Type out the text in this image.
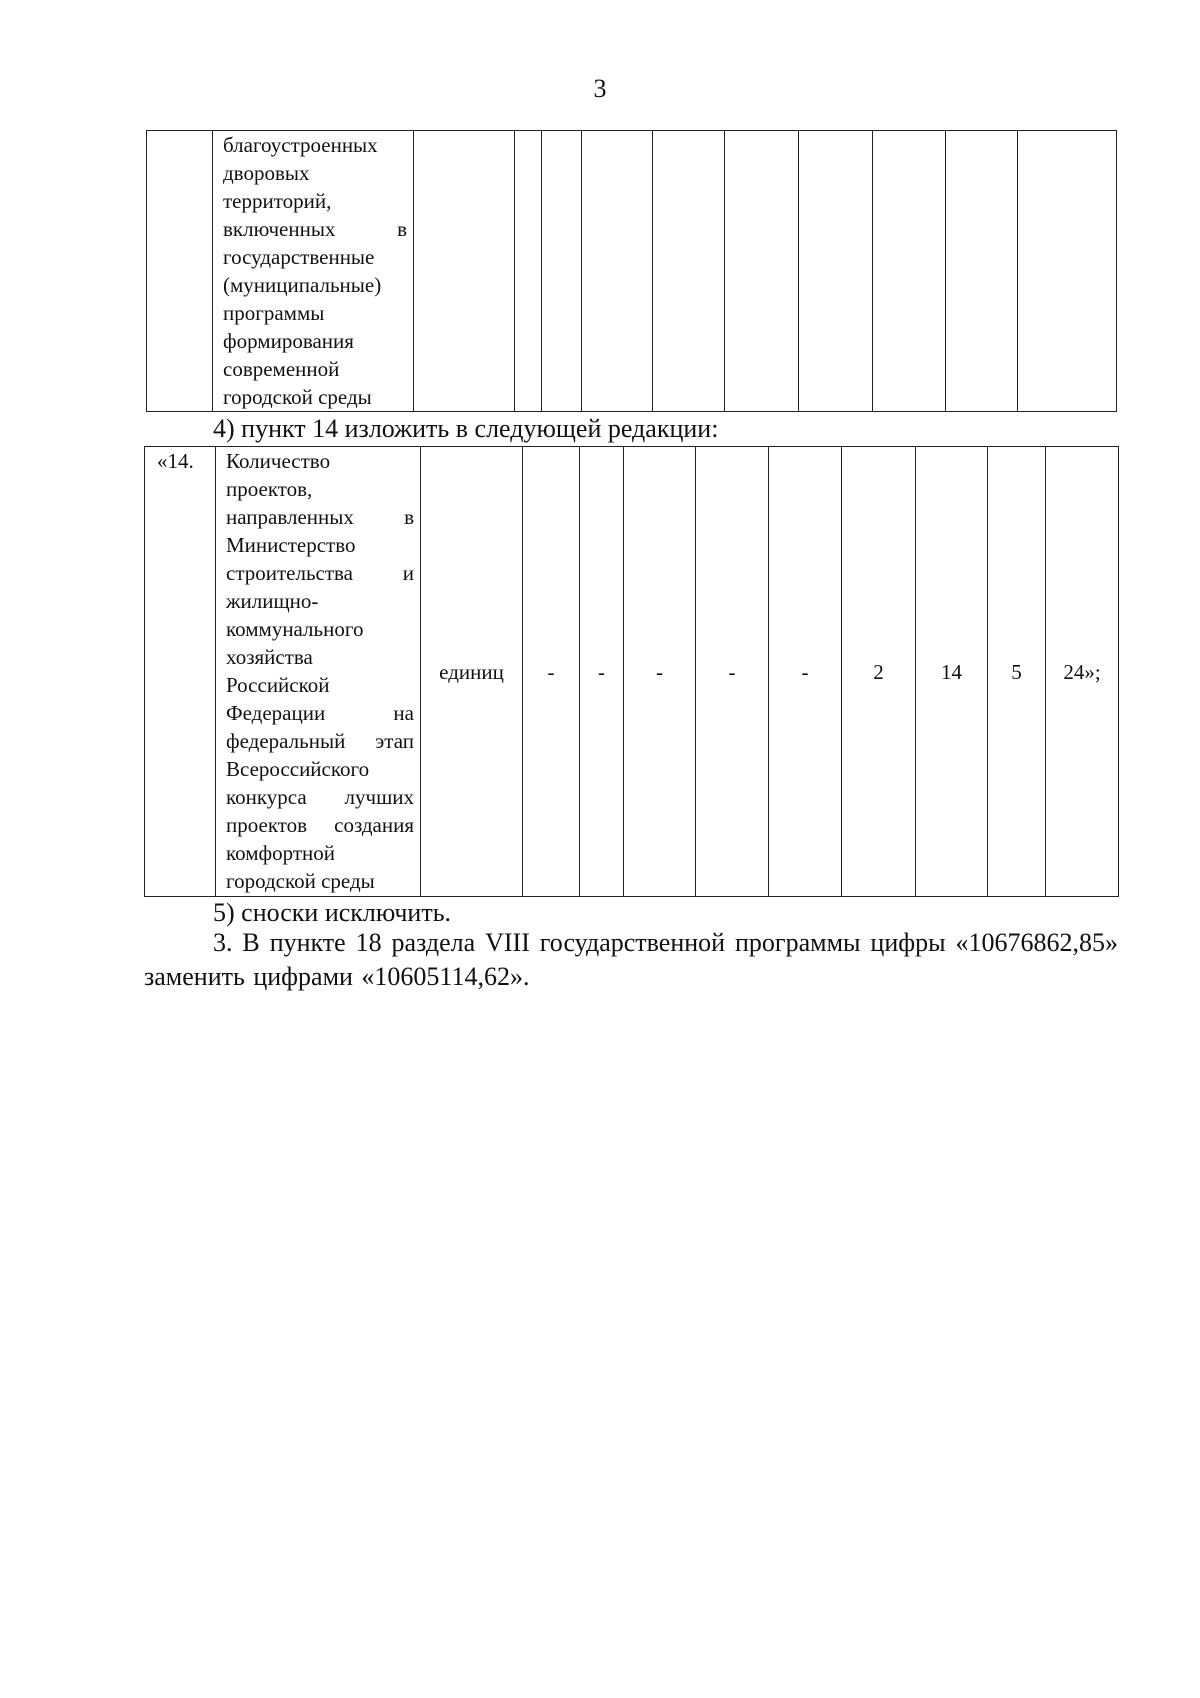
3
	благоустроенных дворовых территорий, включенных в государственные (муниципальные) программы формирования современной городской среды										
4) пункт 14 изложить в следующей редакции:
«14.	Количество проектов, направленных в Министерство строительства и жилищно-коммунального хозяйства Российской Федерации на федеральный этап Всероссийского конкурса лучших проектов создания комфортной городской среды	единиц	-	-	-	-	-	2	14	5	24»;
5) сноски исключить.
3. В пункте 18 раздела VIII государственной программы цифры «10676862,85» заменить цифрами «10605114,62».
